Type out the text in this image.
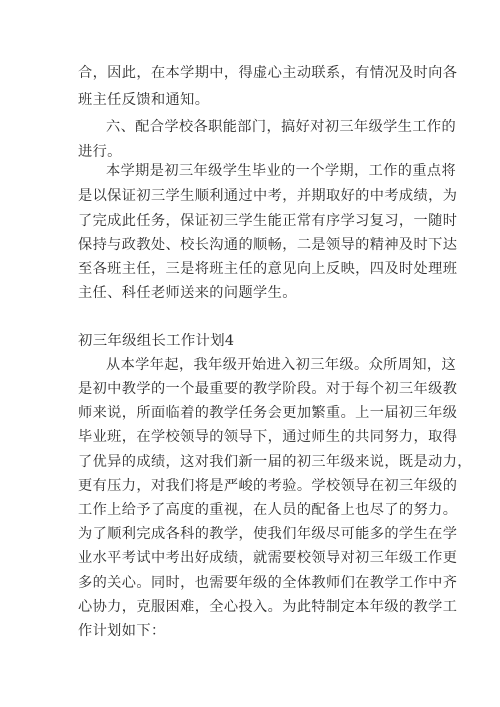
合，因此，在本学期中，得虚心主动联系，有情况及时向各
班主任反馈和通知。
六、配合学校各职能部门，搞好对初三年级学生工作的
进行。
本学期是初三年级学生毕业的一个学期，工作的重点将
是以保证初三学生顺利通过中考，并期取好的中考成绩，为
了完成此任务，保证初三学生能正常有序学习复习，一随时
保持与政教处、校长沟通的顺畅，二是领导的精神及时下达
至各班主任，三是将班主任的意见向上反映，四及时处理班
主任、科任老师送来的问题学生。
初三年级组长工作计划4
从本学年起，我年级开始进入初三年级。众所周知，这
是初中教学的一个最重要的教学阶段。对于每个初三年级教
师来说，所面临着的教学任务会更加繁重。上一届初三年级
毕业班，在学校领导的领导下，通过师生的共同努力，取得
了优异的成绩，这对我们新一届的初三年级来说，既是动力，
更有压力，对我们将是严峻的考验。学校领导在初三年级的
工作上给予了高度的重视，在人员的配备上也尽了的努力。
为了顺利完成各科的教学，使我们年级尽可能多的学生在学
业水平考试中考出好成绩，就需要校领导对初三年级工作更
多的关心。同时，也需要年级的全体教师们在教学工作中齐
心协力，克服困难，全心投入。为此特制定本年级的教学工
作计划如下：
